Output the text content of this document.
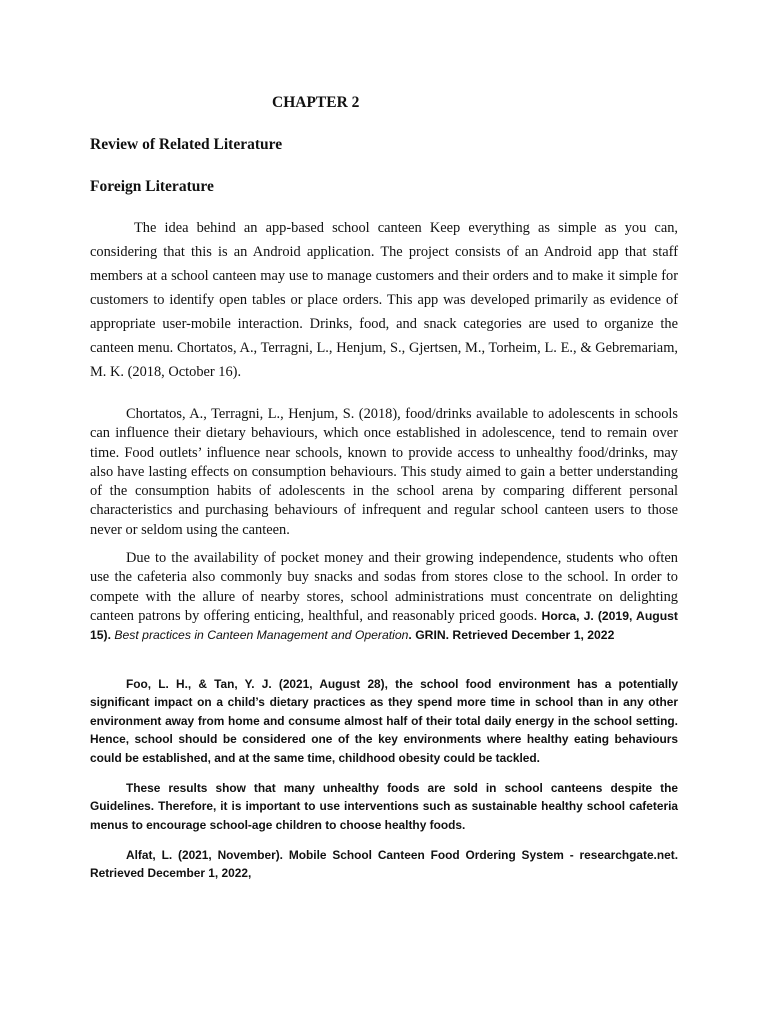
CHAPTER 2
Review of Related Literature
Foreign Literature

The idea behind an app-based school canteen Keep everything as simple as you can, considering that this is an Android application. The project consists of an Android app that staff members at a school canteen may use to manage customers and their orders and to make it simple for customers to identify open tables or place orders. This app was developed primarily as evidence of appropriate user-mobile interaction. Drinks, food, and snack categories are used to organize the canteen menu. Chortatos, A., Terragni, L., Henjum, S., Gjertsen, M., Torheim, L. E., & Gebremariam, M. K. (2018, October 16).

Chortatos, A., Terragni, L., Henjum, S. (2018), food/drinks available to adolescents in schools can influence their dietary behaviours, which once established in adolescence, tend to remain over time. Food outlets’ influence near schools, known to provide access to unhealthy food/drinks, may also have lasting effects on consumption behaviours. This study aimed to gain a better understanding of the consumption habits of adolescents in the school arena by comparing different personal characteristics and purchasing behaviours of infrequent and regular school canteen users to those never or seldom using the canteen.

Due to the availability of pocket money and their growing independence, students who often use the cafeteria also commonly buy snacks and sodas from stores close to the school. In order to compete with the allure of nearby stores, school administrations must concentrate on delighting canteen patrons by offering enticing, healthful, and reasonably priced goods. Horca, J. (2019, August 15). Best practices in Canteen Management and Operation. GRIN. Retrieved December 1, 2022

Foo, L. H., & Tan, Y. J. (2021, August 28), the school food environment has a potentially significant impact on a child’s dietary practices as they spend more time in school than in any other environment away from home and consume almost half of their total daily energy in the school setting. Hence, school should be considered one of the key environments where healthy eating behaviours could be established, and at the same time, childhood obesity could be tackled.

These results show that many unhealthy foods are sold in school canteens despite the Guidelines. Therefore, it is important to use interventions such as sustainable healthy school cafeteria menus to encourage school-age children to choose healthy foods.

Alfat, L. (2021, November). Mobile School Canteen Food Ordering System - researchgate.net. Retrieved December 1, 2022,
